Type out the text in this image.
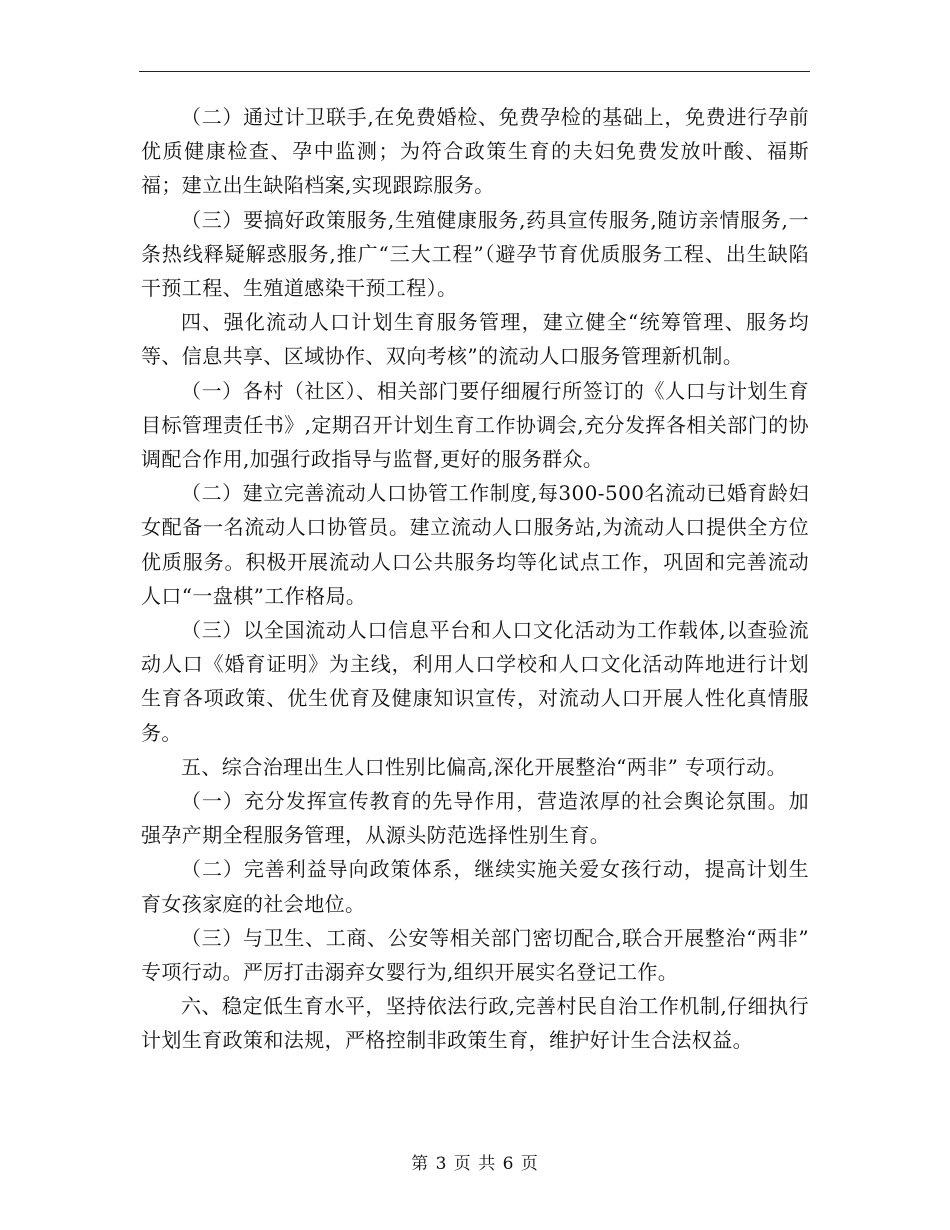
（二）通过计卫联手,在免费婚检、免费孕检的基础上，免费进行孕前优质健康检查、孕中监测；为符合政策生育的夫妇免费发放叶酸、福斯福；建立出生缺陷档案,实现跟踪服务。

（三）要搞好政策服务,生殖健康服务,药具宣传服务,随访亲情服务,一条热线释疑解惑服务,推广“三大工程”（避孕节育优质服务工程、出生缺陷干预工程、生殖道感染干预工程）。

四、强化流动人口计划生育服务管理，建立健全“统筹管理、服务均等、信息共享、区域协作、双向考核”的流动人口服务管理新机制。

（一）各村（社区）、相关部门要仔细履行所签订的《人口与计划生育目标管理责任书》,定期召开计划生育工作协调会,充分发挥各相关部门的协调配合作用,加强行政指导与监督,更好的服务群众。

（二）建立完善流动人口协管工作制度,每300-500名流动已婚育龄妇女配备一名流动人口协管员。建立流动人口服务站,为流动人口提供全方位优质服务。积极开展流动人口公共服务均等化试点工作，巩固和完善流动人口“一盘棋”工作格局。

（三）以全国流动人口信息平台和人口文化活动为工作载体,以查验流动人口《婚育证明》为主线，利用人口学校和人口文化活动阵地进行计划生育各项政策、优生优育及健康知识宣传，对流动人口开展人性化真情服务。

五、综合治理出生人口性别比偏高,深化开展整治“两非” 专项行动。

（一）充分发挥宣传教育的先导作用，营造浓厚的社会舆论氛围。加强孕产期全程服务管理，从源头防范选择性别生育。

（二）完善利益导向政策体系，继续实施关爱女孩行动，提高计划生育女孩家庭的社会地位。

（三）与卫生、工商、公安等相关部门密切配合,联合开展整治“两非” 专项行动。严厉打击溺弃女婴行为,组织开展实名登记工作。

六、稳定低生育水平，坚持依法行政,完善村民自治工作机制,仔细执行计划生育政策和法规，严格控制非政策生育，维护好计生合法权益。

第 3 页 共 6 页
